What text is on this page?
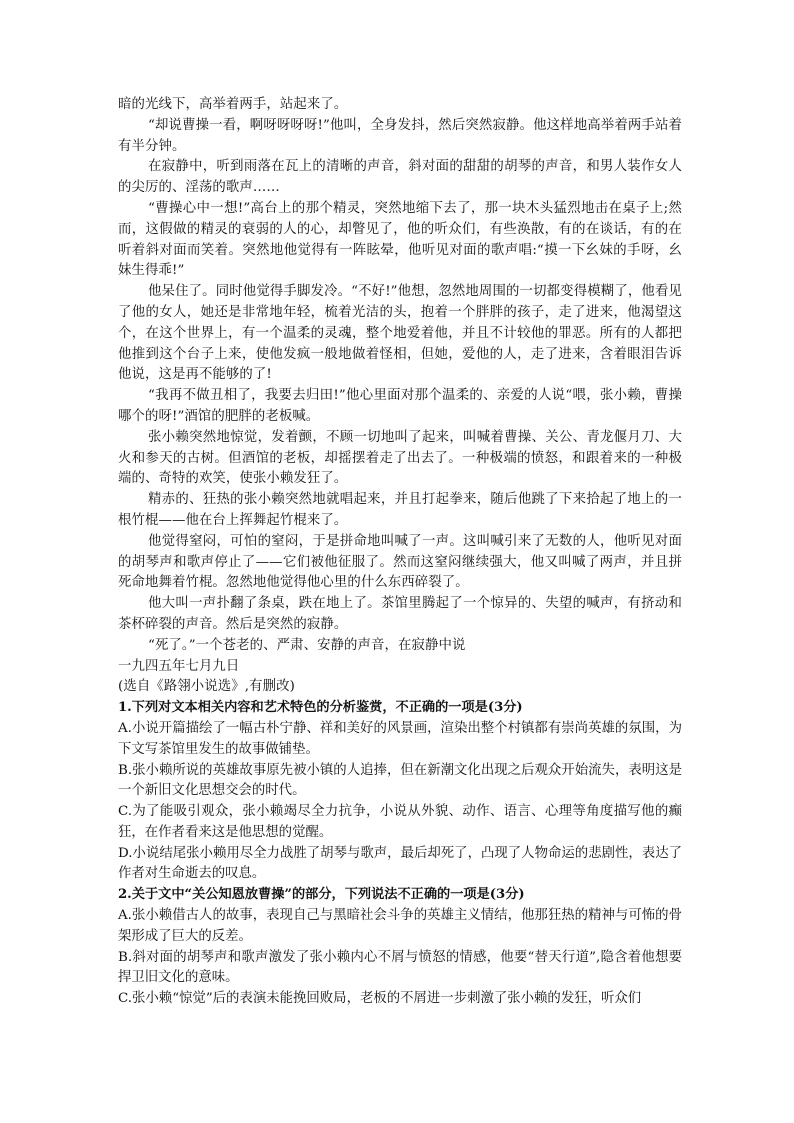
暗的光线下，高举着两手，站起来了。

“却说曹操一看，啊呀呀呀呀!”他叫，全身发抖，然后突然寂静。他这样地高举着两手站着有半分钟。

在寂静中，听到雨落在瓦上的清晰的声音，斜对面的甜甜的胡琴的声音，和男人装作女人的尖厉的、淫荡的歌声……

“曹操心中一想!”高台上的那个精灵，突然地缩下去了，那一块木头猛烈地击在桌子上;然而，这假做的精灵的衰弱的人的心，却瞥见了，他的听众们，有些涣散，有的在谈话，有的在听着斜对面而笑着。突然地他觉得有一阵眩晕，他听见对面的歌声唱:“摸一下幺妹的手呀，幺妹生得乖!”

他呆住了。同时他觉得手脚发冷。“不好!”他想，忽然地周围的一切都变得模糊了，他看见了他的女人，她还是非常地年轻，梳着光洁的头，抱着一个胖胖的孩子，走了进来，他渴望这个，在这个世界上，有一个温柔的灵魂，整个地爱着他，并且不计较他的罪恶。所有的人都把他推到这个台子上来，使他发疯一般地做着怪相，但她，爱他的人，走了进来，含着眼泪告诉他说，这是再不能够的了!

“我再不做丑相了，我要去归田!”他心里面对那个温柔的、亲爱的人说“喂，张小赖，曹操哪个的呀!”酒馆的肥胖的老板喊。

张小赖突然地惊觉，发着颤，不顾一切地叫了起来，叫喊着曹操、关公、青龙偃月刀、大火和参天的古树。但酒馆的老板，却摇摆着走了出去了。一种极端的愤怒，和跟着来的一种极端的、奇特的欢笑，使张小赖发狂了。

精赤的、狂热的张小赖突然地就唱起来，并且打起拳来，随后他跳了下来拾起了地上的一根竹棍——他在台上挥舞起竹棍来了。

他觉得窒闷，可怕的窒闷，于是拼命地叫喊了一声。这叫喊引来了无数的人，他听见对面的胡琴声和歌声停止了——它们被他征服了。然而这窒闷继续强大，他又叫喊了两声，并且拼死命地舞着竹棍。忽然地他觉得他心里的什么东西碎裂了。

他大叫一声扑翻了条桌，跌在地上了。茶馆里腾起了一个惊异的、失望的喊声，有挤动和茶杯碎裂的声音。然后是突然的寂静。

“死了。”一个苍老的、严肃、安静的声音，在寂静中说

一九四五年七月九日

(选自《路翎小说选》,有删改)

1.下列对文本相关内容和艺术特色的分析鉴赏，不正确的一项是(3分)

A.小说开篇描绘了一幅古朴宁静、祥和美好的风景画，渲染出整个村镇都有崇尚英雄的氛围，为下文写茶馆里发生的故事做铺垫。

B.张小赖所说的英雄故事原先被小镇的人追捧，但在新潮文化出现之后观众开始流失，表明这是一个新旧文化思想交会的时代。

C.为了能吸引观众，张小赖竭尽全力抗争，小说从外貌、动作、语言、心理等角度描写他的癫狂，在作者看来这是他思想的觉醒。

D.小说结尾张小赖用尽全力战胜了胡琴与歌声，最后却死了，凸现了人物命运的悲剧性，表达了作者对生命逝去的叹息。

2.关于文中“关公知恩放曹操”的部分，下列说法不正确的一项是(3分)

A.张小赖借古人的故事，表现自己与黑暗社会斗争的英雄主义情结，他那狂热的精神与可怖的骨架形成了巨大的反差。

B.斜对面的胡琴声和歌声激发了张小赖内心不屑与愤怒的情感，他要“替天行道”,隐含着他想要捍卫旧文化的意味。

C.张小赖“惊觉”后的表演未能挽回败局，老板的不屑进一步刺激了张小赖的发狂，听众们
